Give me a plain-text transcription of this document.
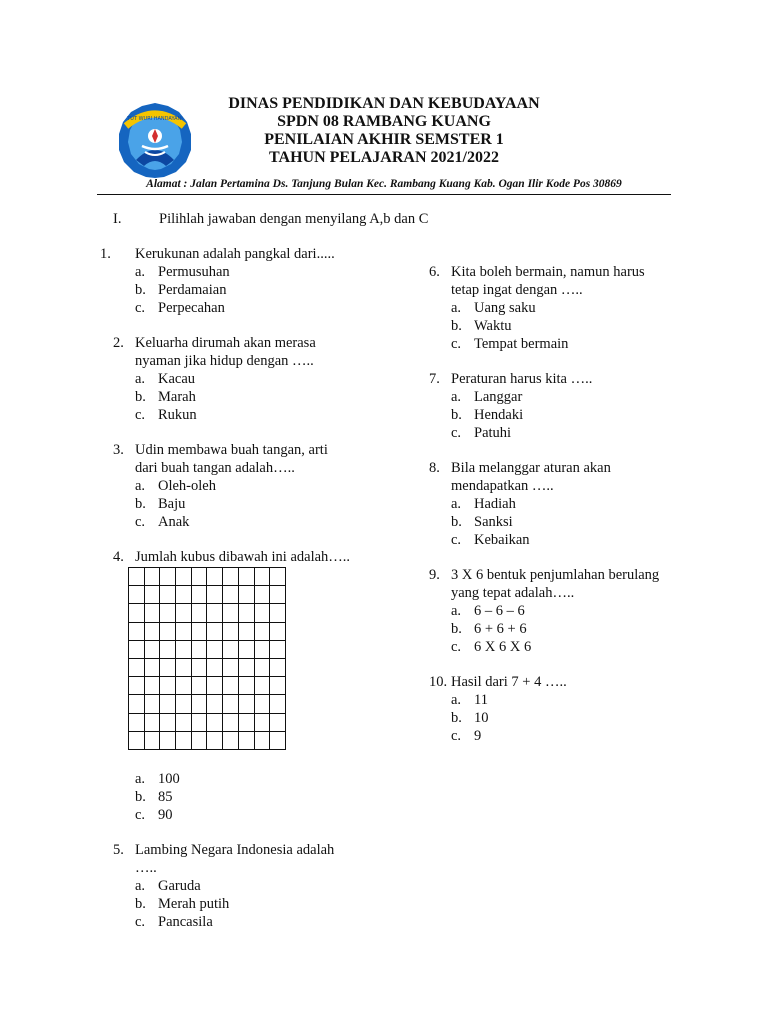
TUT WURI HANDAYANI
DINAS PENDIDIKAN DAN KEBUDAYAAN
SPDN 08 RAMBANG KUANG
PENILAIAN AKHIR SEMSTER 1
TAHUN PELAJARAN 2021/2022
Alamat : Jalan Pertamina Ds. Tanjung Bulan Kec. Rambang Kuang Kab. Ogan Ilir Kode Pos 30869
I.	Pilihlah jawaban dengan menyilang A,b dan C
1.	Kerukunan adalah pangkal dari.....
a. Permusuhan
b. Perdamaian
c. Perpecahan
2. Keluarha dirumah akan merasa
nyaman jika hidup dengan …..
a. Kacau
b. Marah
c. Rukun
3. Udin membawa buah tangan, arti
dari buah tangan adalah…..
a. Oleh-oleh
b. Baju
c. Anak
4. Jumlah kubus dibawah ini adalah…..

a. 100
b. 85
c. 90
5. Lambing Negara Indonesia adalah
…..
a. Garuda
b. Merah putih
c. Pancasila
6. Kita boleh bermain, namun harus
tetap ingat dengan …..
a. Uang saku
b. Waktu
c. Tempat bermain
7. Peraturan harus kita …..
a. Langgar
b. Hendaki
c. Patuhi
8. Bila melanggar aturan akan
mendapatkan …..
a. Hadiah
b. Sanksi
c. Kebaikan
9. 3 X 6 bentuk penjumlahan berulang
yang tepat adalah…..
a. 6 – 6 – 6
b. 6 + 6 + 6
c. 6 X 6 X 6
10. Hasil dari 7 + 4 …..
a. 11
b. 10
c. 9
